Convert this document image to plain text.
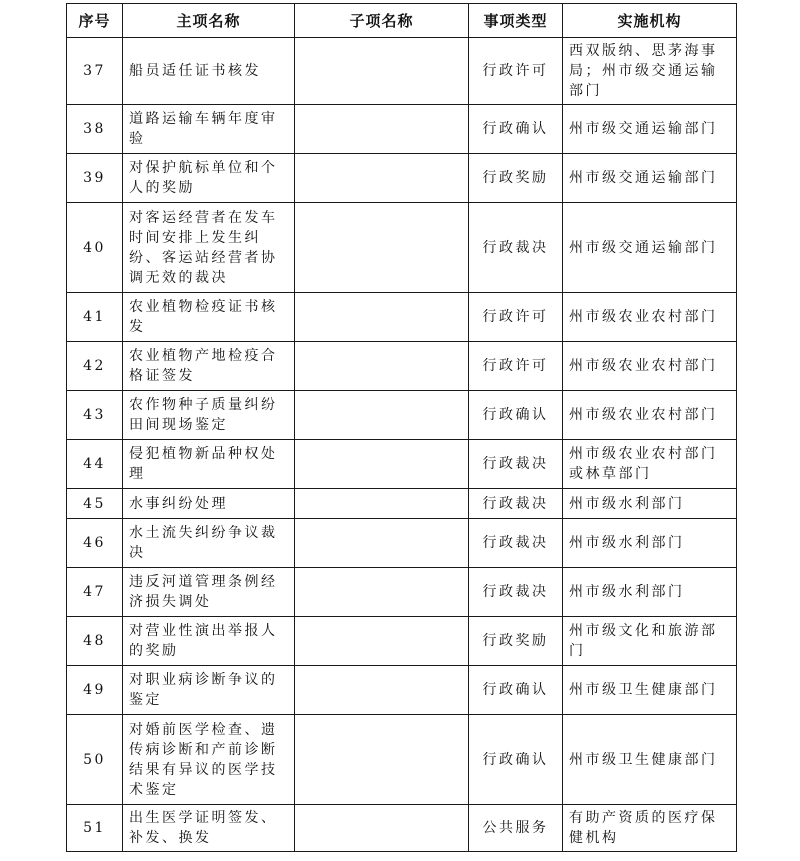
序号	主项名称	子项名称	事项类型	实施机构
37	船员适任证书核发		行政许可	西双版纳、思茅海事局；州市级交通运输部门
38	道路运输车辆年度审验		行政确认	州市级交通运输部门
39	对保护航标单位和个人的奖励		行政奖励	州市级交通运输部门
40	对客运经营者在发车时间安排上发生纠纷、客运站经营者协调无效的裁决		行政裁决	州市级交通运输部门
41	农业植物检疫证书核发		行政许可	州市级农业农村部门
42	农业植物产地检疫合格证签发		行政许可	州市级农业农村部门
43	农作物种子质量纠纷田间现场鉴定		行政确认	州市级农业农村部门
44	侵犯植物新品种权处理		行政裁决	州市级农业农村部门或林草部门
45	水事纠纷处理		行政裁决	州市级水利部门
46	水土流失纠纷争议裁决		行政裁决	州市级水利部门
47	违反河道管理条例经济损失调处		行政裁决	州市级水利部门
48	对营业性演出举报人的奖励		行政奖励	州市级文化和旅游部门
49	对职业病诊断争议的鉴定		行政确认	州市级卫生健康部门
50	对婚前医学检查、遗传病诊断和产前诊断结果有异议的医学技术鉴定		行政确认	州市级卫生健康部门
51	出生医学证明签发、补发、换发		公共服务	有助产资质的医疗保健机构
